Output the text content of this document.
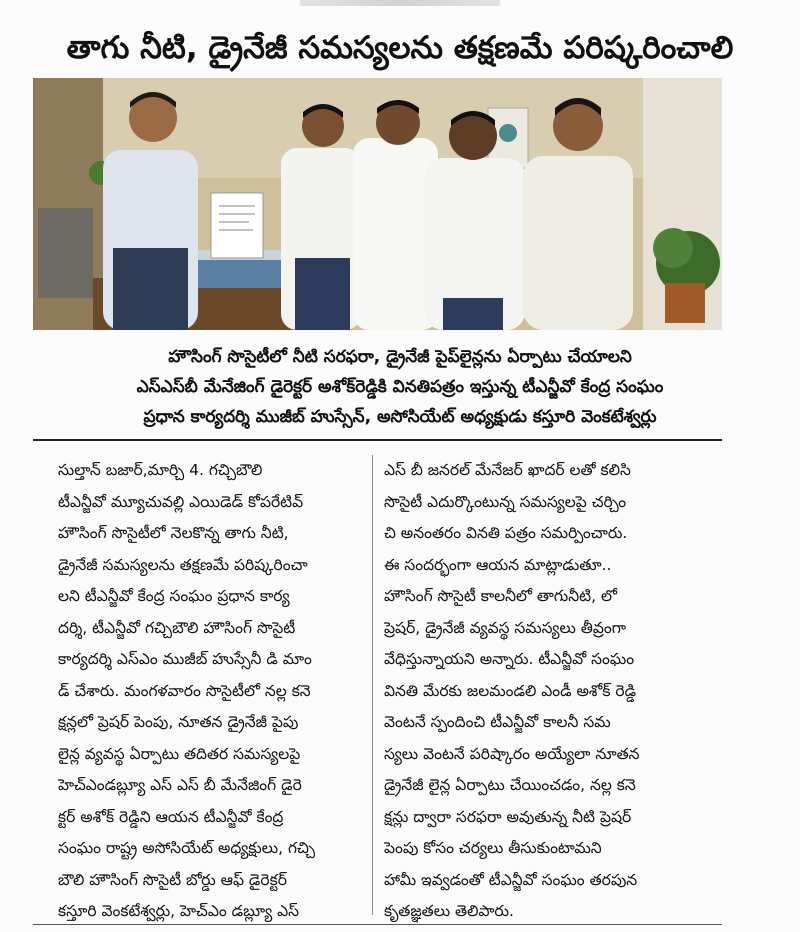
తాగు నీటి, డ్రైనేజీ సమస్యలను తక్షణమే పరిష్కరించాలి
హౌసింగ్ సొసైటీలో నీటి సరఫరా, డ్రైనేజీ పైప్‌లైన్లను ఏర్పాటు చేయాలని
ఎస్ఎస్‌బీ మేనేజింగ్ డైరెక్టర్ అశోక్‌రెడ్డికి వినతిపత్రం ఇస్తున్న టీఎన్జీవో కేంద్ర సంఘం
ప్రధాన కార్యదర్శి ముజీబ్ హుస్సేన్, అసోసియేట్ అధ్యక్షుడు కస్తూరి వెంకటేశ్వర్లు
సుల్తాన్ బజార్,మార్చి 4. గచ్చిబౌలి
టీఎన్జీవో మ్యూచువల్లి ఎయిడెడ్ కోపరేటివ్
హౌసింగ్ సొసైటీలో నెలకొన్న తాగు నీటి,
డ్రైనేజీ సమస్యలను తక్షణమే పరిష్కరించా
లని టీఎన్జీవో కేంద్ర సంఘం ప్రధాన కార్య
దర్శి, టీఎన్జీవో గచ్చిబౌలి హౌసింగ్ సొసైటీ
కార్యదర్శి ఎస్ఎం ముజీబ్ హుస్సేనీ డి మాం
డ్ చేశారు. మంగళవారం సొసైటీలో నల్ల కనె
క్షన్లలో ప్రెషర్ పెంపు, నూతన డ్రైనేజీ పైపు
లైన్ల వ్యవస్థ ఏర్పాటు తదితర సమస్యలపై
హెచ్ఎండబ్ల్యూ ఎస్ ఎస్ బీ మేనేజింగ్ డైరె
క్టర్ అశోక్ రెడ్డిని ఆయన టీఎన్జీవో కేంద్ర
సంఘం రాష్ట్ర అసోసియేట్ అధ్యక్షులు, గచ్చి
బౌలి హౌసింగ్ సొసైటీ బోర్డు ఆఫ్ డైరెక్టర్
కస్తూరి వెంకటేశ్వర్లు, హెచ్ఎం డబ్ల్యూ ఎస్
ఎస్ బీ జనరల్ మేనేజర్ ఖాదర్ లతో కలిసి
సొసైటీ ఎదుర్కొంటున్న సమస్యలపై చర్చిం
చి అనంతరం వినతి పత్రం సమర్పించారు.
ఈ సందర్భంగా ఆయన మాట్లాడుతూ..
హౌసింగ్ సొసైటీ కాలనీలో తాగునీటి, లో
ప్రెషర్, డ్రైనేజీ వ్యవస్థ సమస్యలు తీవ్రంగా
వేధిస్తున్నాయని అన్నారు. టీఎన్జీవో సంఘం
వినతి మేరకు జలమండలి ఎండీ అశోక్ రెడ్డి
వెంటనే స్పందించి టీఎన్జీవో కాలనీ సమ
స్యలు వెంటనే పరిష్కారం అయ్యేలా నూతన
డ్రైనేజీ లైన్ల ఏర్పాటు చేయించడం, నల్ల కనె
క్షన్లు ద్వారా సరఫరా అవుతున్న నీటి ప్రెషర్
పెంపు కోసం చర్యలు తీసుకుంటామని
హామీ ఇవ్వడంతో టీఎన్జీవో సంఘం తరపున
కృతజ్ఞతలు తెలిపారు.
